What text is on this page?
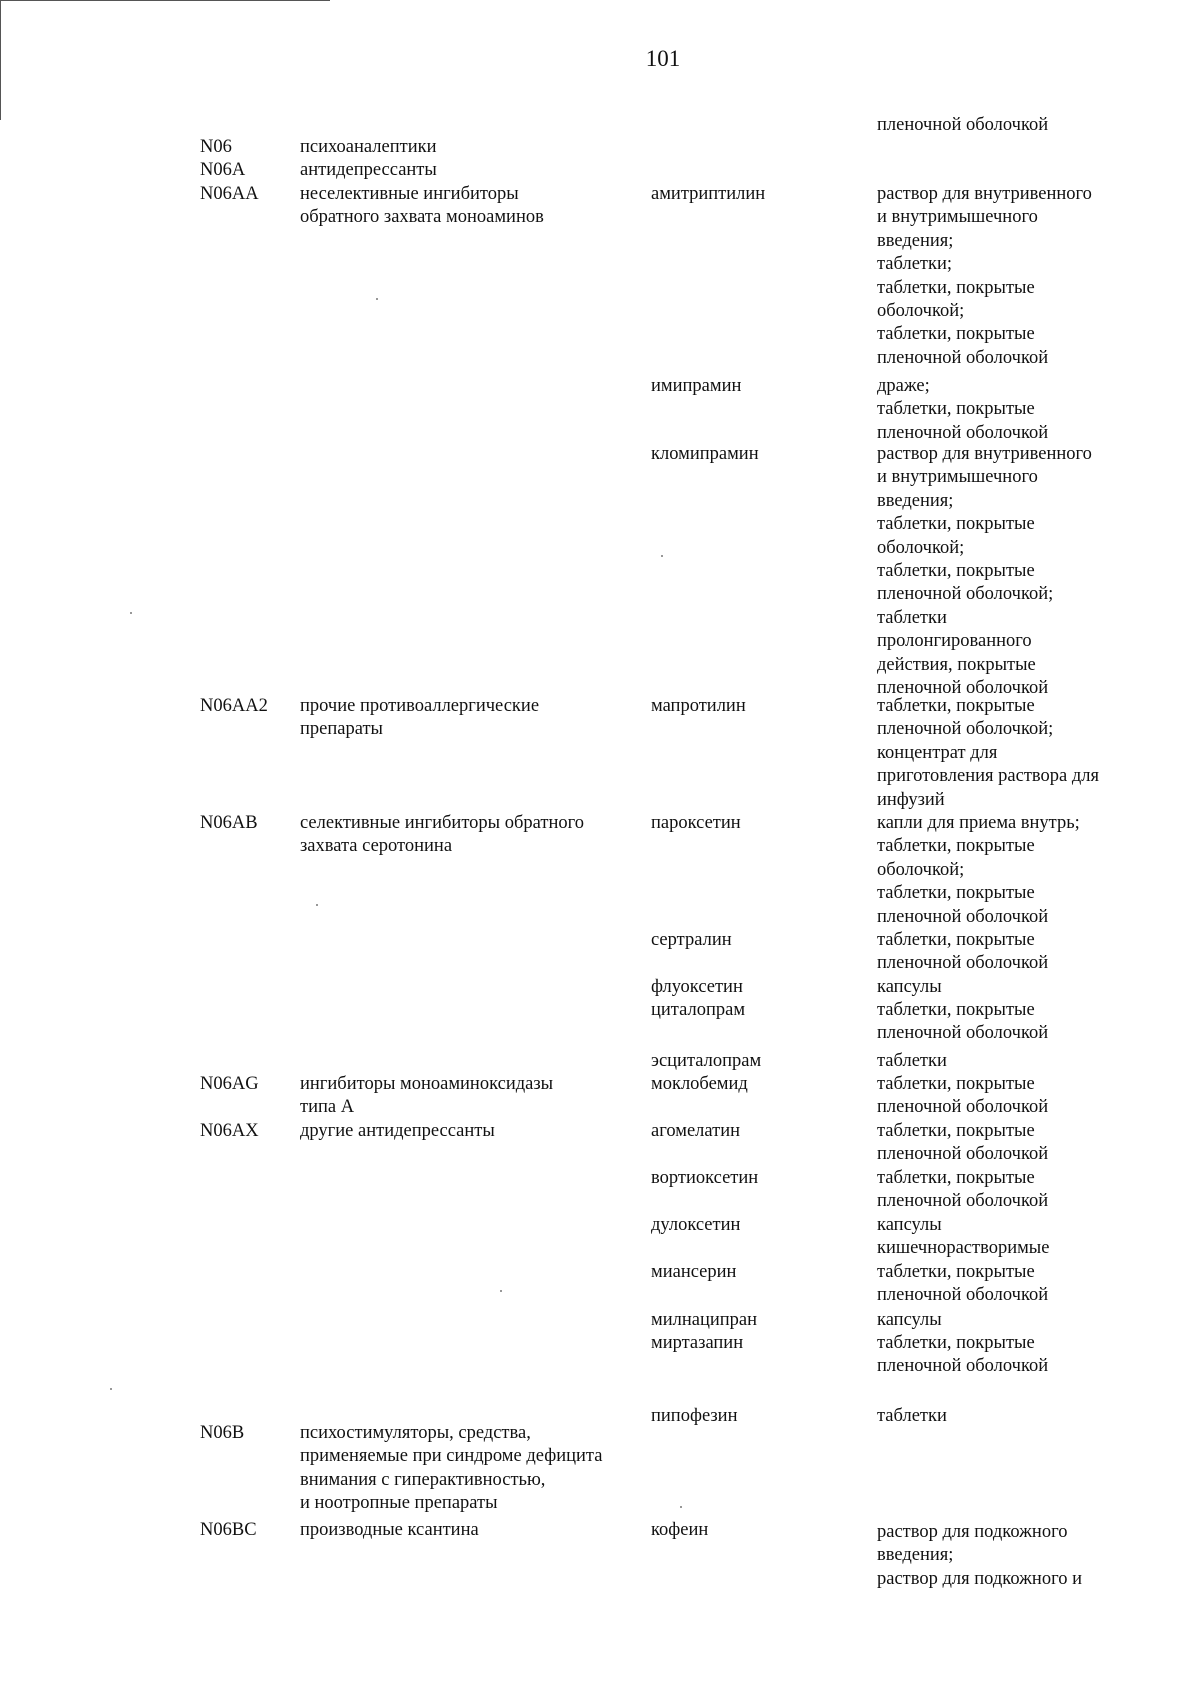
101
пленочной оболочкой
N06
N06A
N06AA
N06AA2
N06AB
N06AG
N06AX
N06B
N06BC
психоаналептики
антидепрессанты
неселективные ингибиторы
обратного захвата моноаминов
прочие противоаллергические
препараты
селективные ингибиторы обратного
захвата серотонина
ингибиторы моноаминоксидазы
типа А
другие антидепрессанты
психостимуляторы, средства,
применяемые при синдроме дефицита
внимания с гиперактивностью,
и ноотропные препараты
производные ксантина
амитриптилин
имипрамин
кломипрамин
мапротилин
пароксетин
сертралин
флуоксетин
циталопрам
эсциталопрам
моклобемид
агомелатин
вортиоксетин
дулоксетин
миансерин
милнаципран
миртазапин
пипофезин
кофеин
раствор для внутривенного
и внутримышечного
введения;
таблетки;
таблетки, покрытые
оболочкой;
таблетки, покрытые
пленочной оболочкой
драже;
таблетки, покрытые
пленочной оболочкой
раствор для внутривенного
и внутримышечного
введения;
таблетки, покрытые
оболочкой;
таблетки, покрытые
пленочной оболочкой;
таблетки
пролонгированного
действия, покрытые
пленочной оболочкой
таблетки, покрытые
пленочной оболочкой;
концентрат для
приготовления раствора для
инфузий
капли для приема внутрь;
таблетки, покрытые
оболочкой;
таблетки, покрытые
пленочной оболочкой
таблетки, покрытые
пленочной оболочкой
капсулы
таблетки, покрытые
пленочной оболочкой
таблетки
таблетки, покрытые
пленочной оболочкой
таблетки, покрытые
пленочной оболочкой
таблетки, покрытые
пленочной оболочкой
капсулы
кишечнорастворимые
таблетки, покрытые
пленочной оболочкой
капсулы
таблетки, покрытые
пленочной оболочкой
таблетки
раствор для подкожного
введения;
раствор для подкожного и
